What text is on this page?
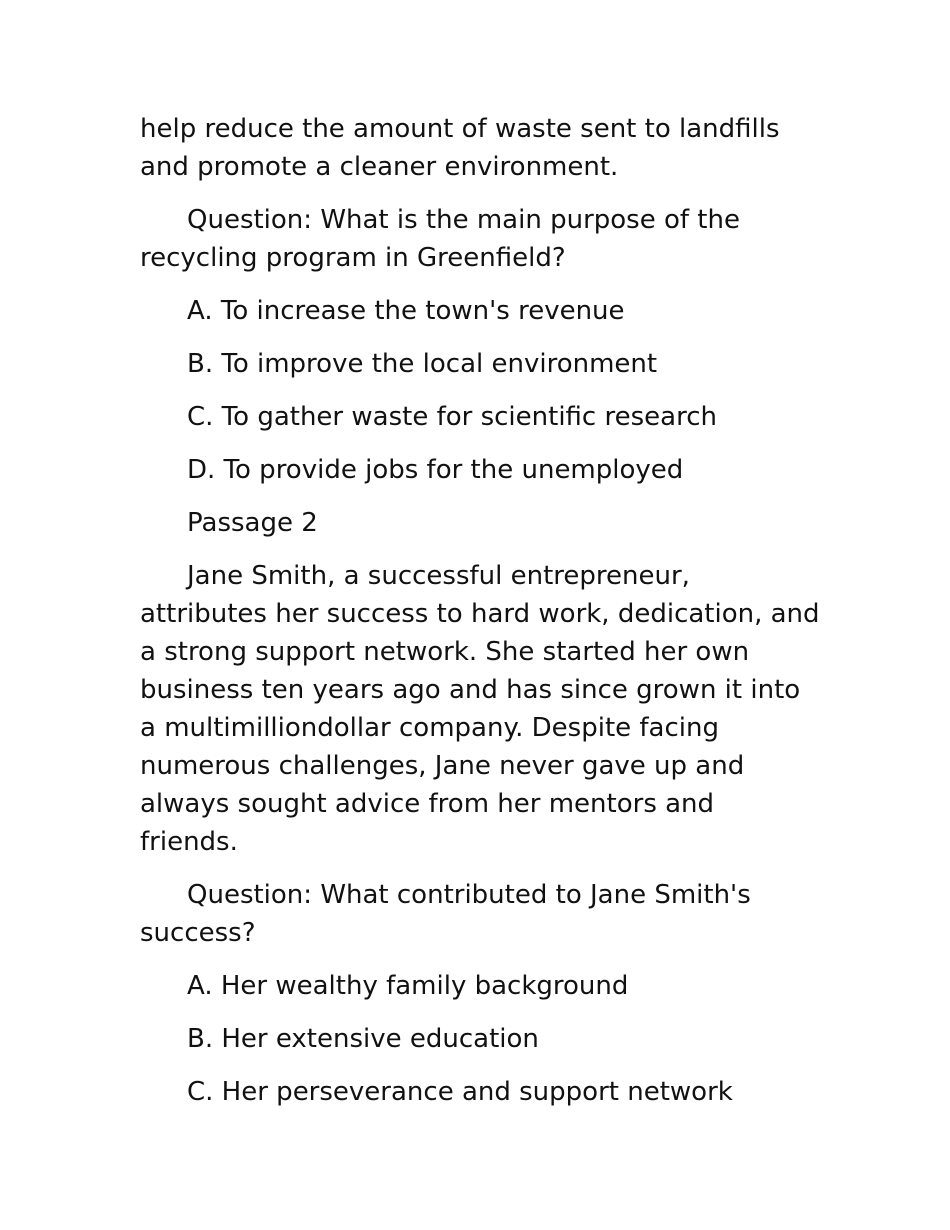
help reduce the amount of waste sent to landfills and promote a cleaner environment.

Question: What is the main purpose of the recycling program in Greenfield?

A. To increase the town's revenue

B. To improve the local environment

C. To gather waste for scientific research

D. To provide jobs for the unemployed

Passage 2

Jane Smith, a successful entrepreneur, attributes her success to hard work, dedication, and a strong support network. She started her own business ten years ago and has since grown it into a multimilliondollar company. Despite facing numerous challenges, Jane never gave up and always sought advice from her mentors and friends.

Question: What contributed to Jane Smith's success?

A. Her wealthy family background

B. Her extensive education

C. Her perseverance and support network
